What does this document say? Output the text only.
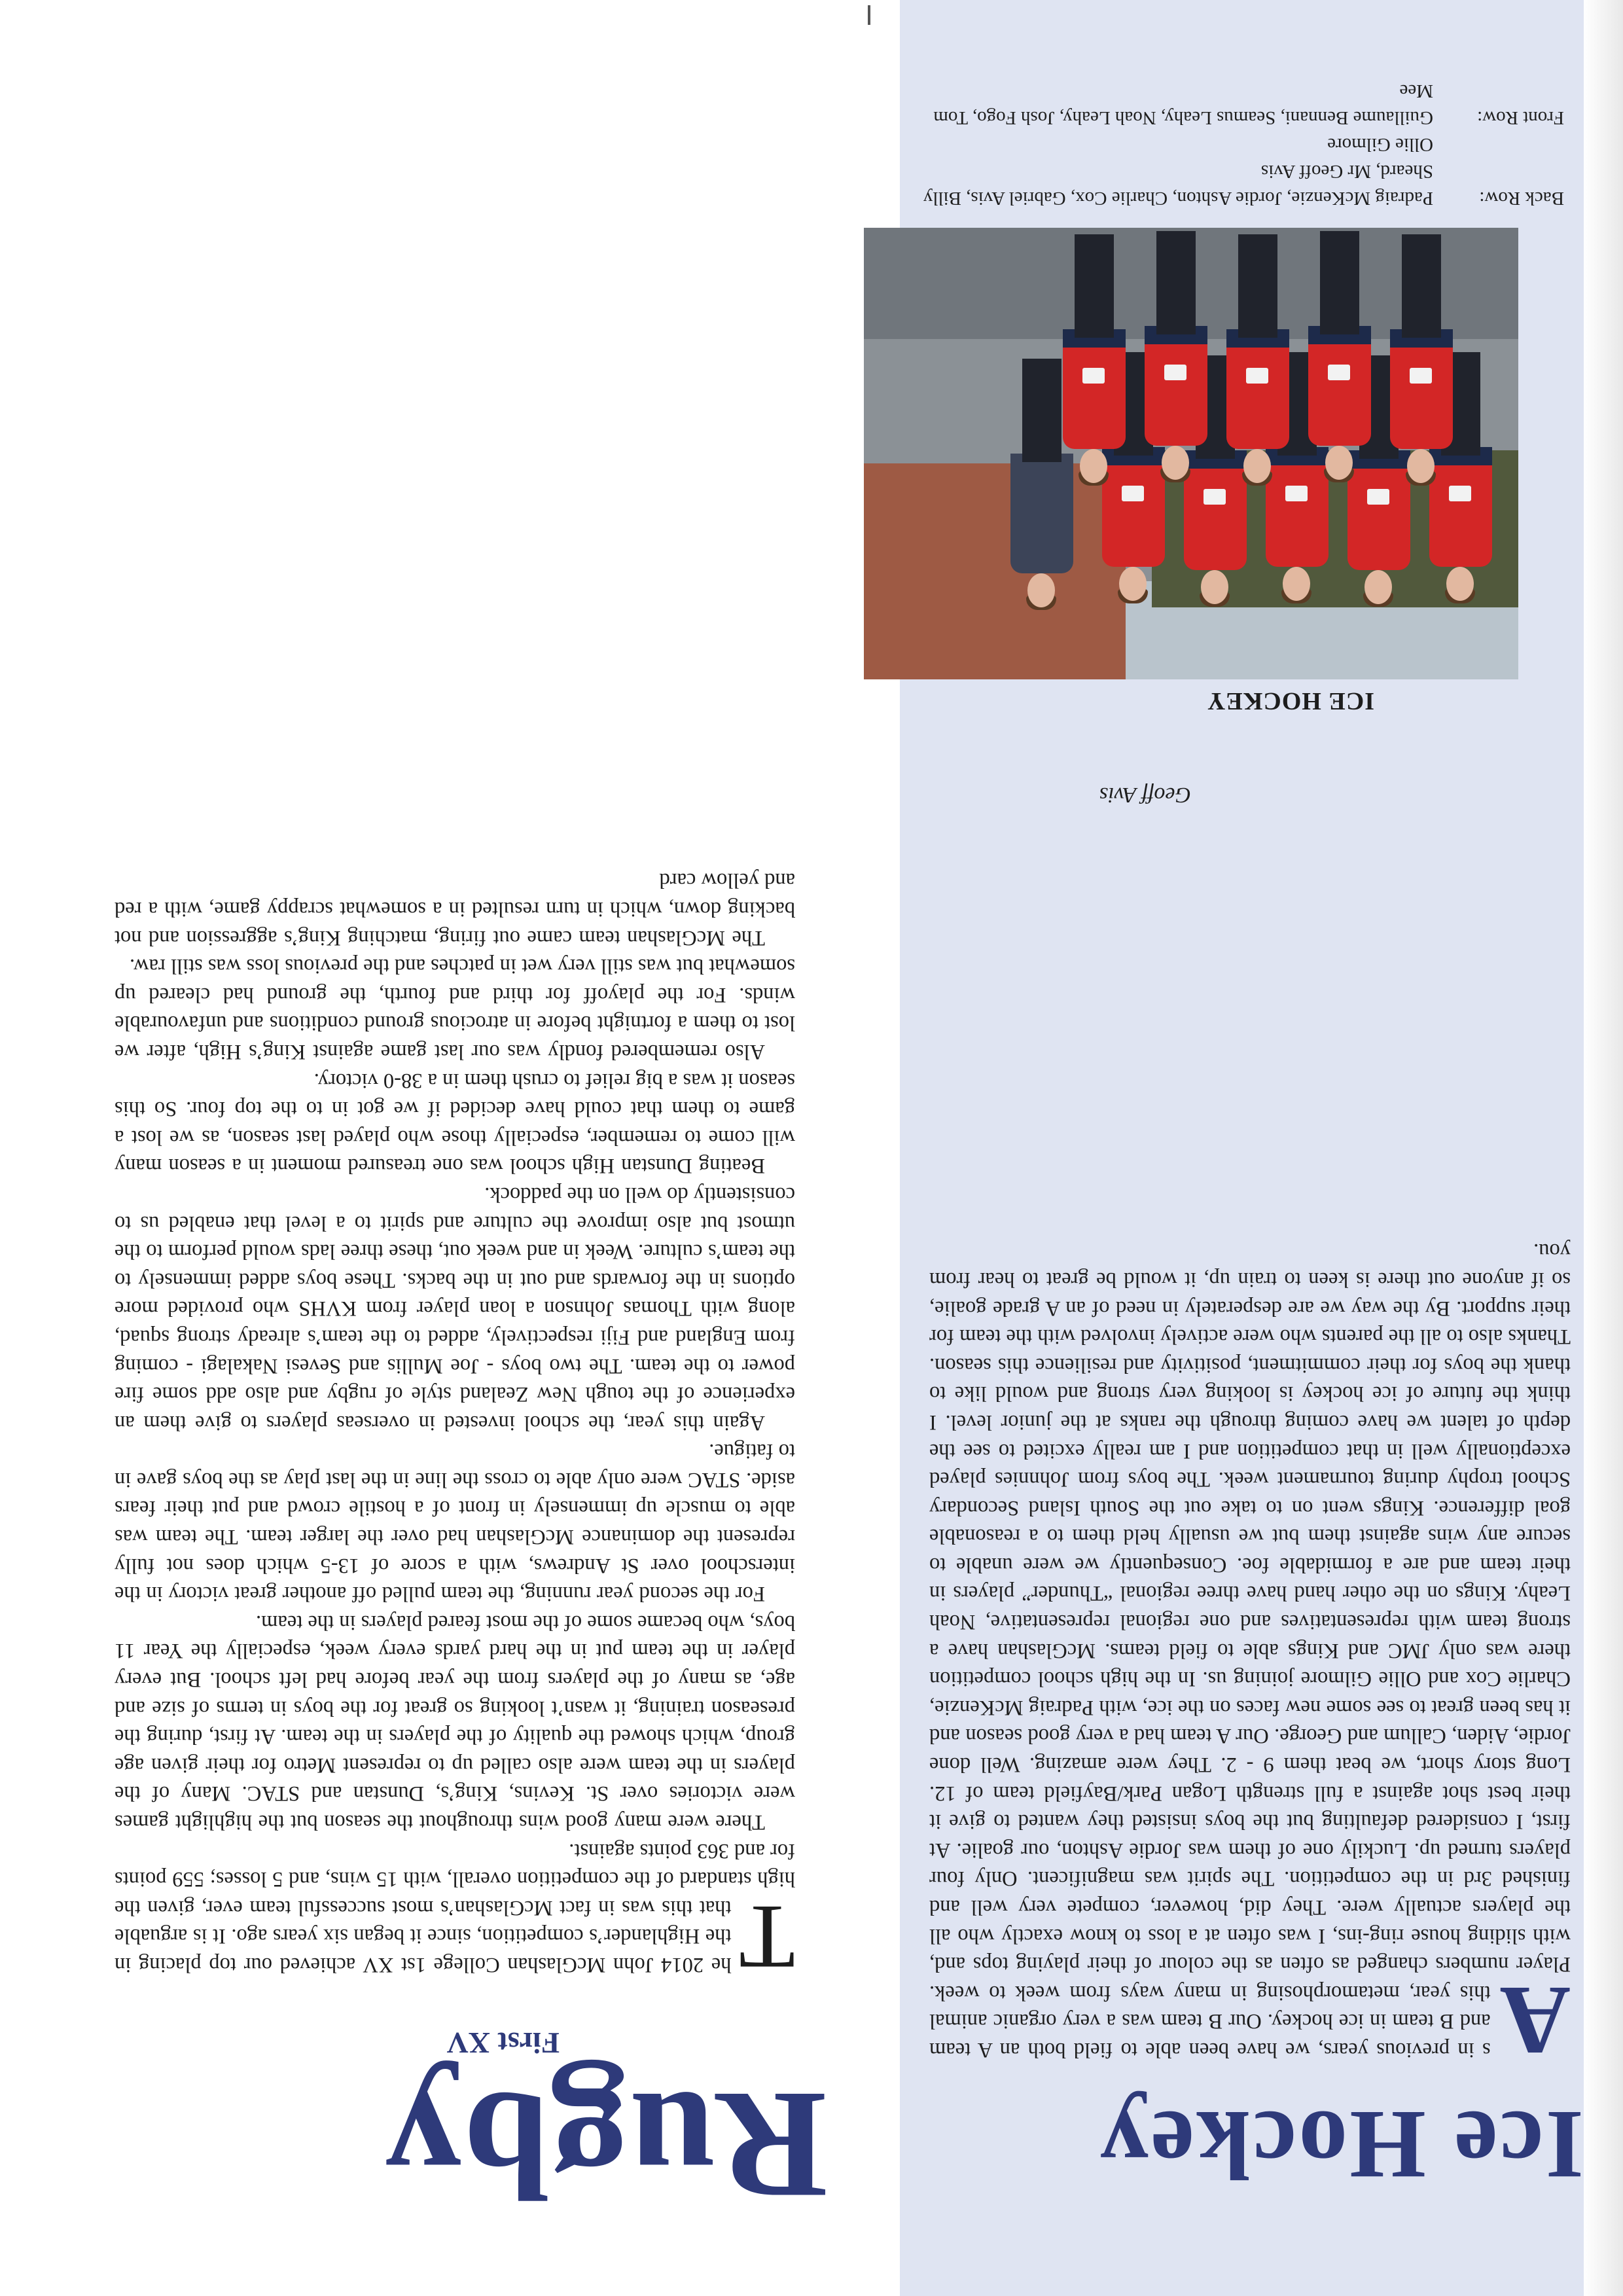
Ice Hockey

A
s in previous years, we have been able to field both an A team and B team in ice hockey. Our B team was a very organic animal this year, metamorphosing in many ways from week to week. Player numbers changed as often as the colour of their playing tops and, with sliding house ring-ins, I was often at a loss to know exactly who all the players actually were. They did, however, compete very well and finished 3rd in the competition. The spirit was magnificent. Only four players turned up. Luckily one of them was Jordie Ashton, our goalie. At first, I considered defaulting but the boys insisted they wanted to give it their best shot against a full strength Logan Park/Bayfield team of 12. Long story short, we beat them 9 - 2. They were amazing. Well done Jordie, Aiden, Callum and George. Our A team had a very good season and it has been great to see some new faces on the ice, with Padraig McKenzie, Charlie Cox and Ollie Gilmore joining us. In the high school competition there was only JMC and Kings able to field teams. McGlashan have a strong team with representatives and one regional representative, Noah Leahy. Kings on the other hand have three regional “Thunder” players in their team and are a formidable foe. Consequently we were unable to secure any wins against them but we usually held them to a reasonable goal difference. Kings went on to take out the South Island Secondary School trophy during tournament week. The boys from Johnnies played exceptionally well in that competition and I am really excited to see the depth of talent we have coming through the ranks at the junior level. I think the future of ice hockey is looking very strong and would like to thank the boys for their commitment, positivity and resilience this season. Thanks also to all the parents who were actively involved with the team for their support. By the way we are desperately in need of an A grade goalie, so if anyone out there is keen to train up, it would be great to hear from you.

Geoff Avis

ICE HOCKEY
Back Row:
Padraig McKenzie, Jordie Ashton, Charlie Cox, Gabriel Avis, Billy Sheard, Mr Geoff Avis
Ollie Gilmore
Front Row:
Guillaume Bennani, Seamus Leahy, Noah Leahy, Josh Fogo, Tom Mee
Rugby
First XV

T
he 2014 John McGlashan College 1st XV achieved our top placing in the Highlander’s competition, since it began six years ago. It is arguable that this was in fact McGlashan’s most successful team ever, given the high standard of the competition overall, with 15 wins, and 5 losses; 559 points for and 363 points against.

There were many good wins throughout the season but the highlight games were victories over St. Kevins, King’s, Dunstan and STAC. Many of the players in the team were also called up to represent Metro for their given age group, which showed the quality of the players in the team. At first, during the preseason training, it wasn’t looking so great for the boys in terms of size and age, as many of the players from the year before had left school. But every player in the team put in the hard yards every week, especially the Year 11 boys, who became some of the most feared players in the team.

For the second year running, the team pulled off another great victory in the interschool over St Andrews, with a score of 13-5 which does not fully represent the dominance McGlashan had over the larger team. The team was able to muscle up immensely in front of a hostile crowd and put their fears aside. STAC were only able to cross the line in the last play as the boys gave in to fatigue.

Again this year, the school invested in overseas players to give them an experience of the tough New Zealand style of rugby and also add some fire power to the team. The two boys - Joe Mullis and Sevesi Nakalagi - coming from England and Fiji respectively, added to the team’s already strong squad, along with Thomas Johnson a loan player from KVHS who provided more options in the forwards and out in the backs. These boys added immensely to the team’s culture. Week in and week out, these three lads would perform to the utmost but also improve the culture and spirit to a level that enabled us to consistently do well on the paddock.

Beating Dunstan High school was one treasured moment in a season many will come to remember, especially those who played last season, as we lost a game to them that could have decided if we got in to the top four. So this season it was a big relief to crush them in a 38-0 victory.

Also remembered fondly was our last game against King’s High, after we lost to them a fortnight before in atrocious ground conditions and unfavourable winds. For the playoff for third and fourth, the ground had cleared up somewhat but was still very wet in patches and the previous loss was still raw.

The McGlashan team came out firing, matching King’s aggression and not backing down, which in turn resulted in a somewhat scrappy game, with a red and yellow card
